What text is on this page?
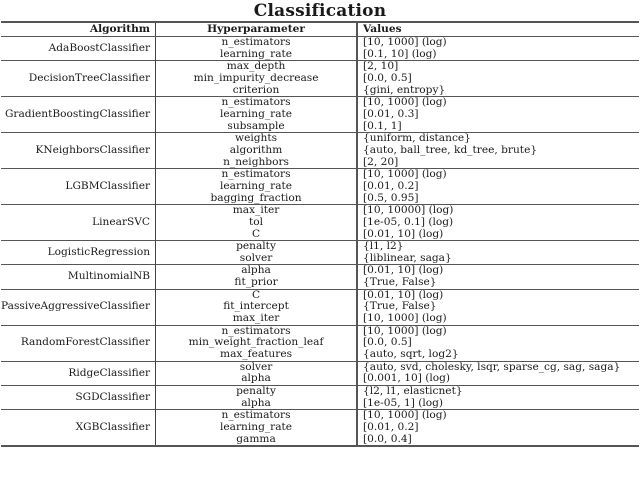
Classification
Algorithm	Hyperparameter	Values
AdaBoostClassifier	n_estimators	[10, 1000] (log)
	learning_rate	[0.1, 10] (log)
DecisionTreeClassifier	max_depth	[2, 10]
	min_impurity_decrease	[0.0, 0.5]
	criterion	{gini, entropy}
GradientBoostingClassifier	n_estimators	[10, 1000] (log)
	learning_rate	[0.01, 0.3]
	subsample	[0.1, 1]
KNeighborsClassifier	weights	{uniform, distance}
	algorithm	{auto, ball_tree, kd_tree, brute}
	n_neighbors	[2, 20]
LGBMClassifier	n_estimators	[10, 1000] (log)
	learning_rate	[0.01, 0.2]
	bagging_fraction	[0.5, 0.95]
LinearSVC	max_iter	[10, 10000] (log)
	tol	[1e-05, 0.1] (log)
	C	[0.01, 10] (log)
LogisticRegression	penalty	{l1, l2}
	solver	{liblinear, saga}
MultinomialNB	alpha	[0.01, 10] (log)
	fit_prior	{True, False}
PassiveAggressiveClassifier	C	[0.01, 10] (log)
	fit_intercept	{True, False}
	max_iter	[10, 1000] (log)
RandomForestClassifier	n_estimators	[10, 1000] (log)
	min_weight_fraction_leaf	[0.0, 0.5]
	max_features	{auto, sqrt, log2}
RidgeClassifier	solver	{auto, svd, cholesky, lsqr, sparse_cg, sag, saga}
	alpha	[0.001, 10] (log)
SGDClassifier	penalty	{l2, l1, elasticnet}
	alpha	[1e-05, 1] (log)
XGBClassifier	n_estimators	[10, 1000] (log)
	learning_rate	[0.01, 0.2]
	gamma	[0.0, 0.4]
